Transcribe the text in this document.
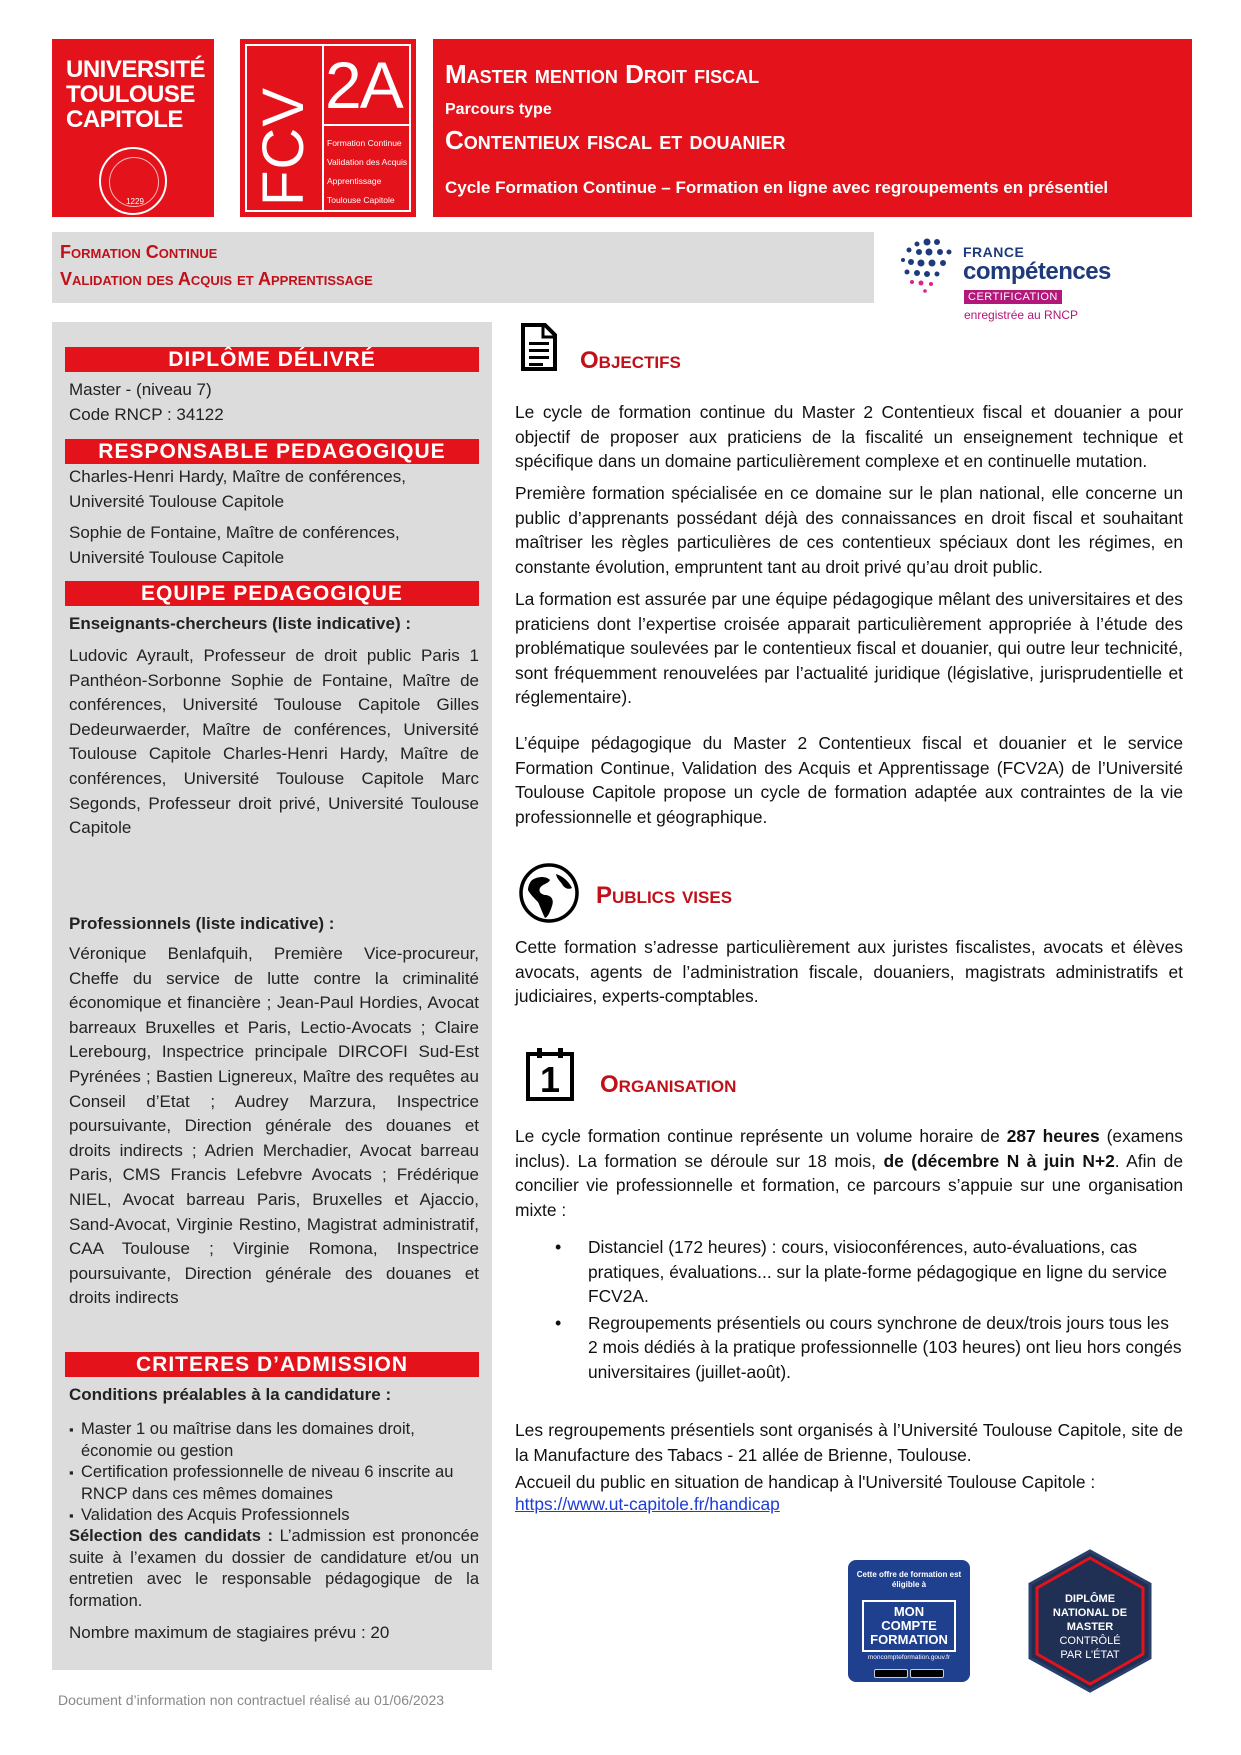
UNIVERSITÉ
TOULOUSE
CAPITOLE
1229 FCV
2A
Formation Continue
Validation des Acquis
Apprentissage
Toulouse Capitole
Master mention Droit fiscal
Parcours type
Contentieux fiscal et douanier
Cycle Formation Continue – Formation en ligne avec regroupements en présentiel
Formation Continue
Validation des Acquis et Apprentissage
FRANCE
compétences
CERTIFICATION
enregistrée au RNCP
DIPLÔME DÉLIVRÉ
Master - (niveau 7)
Code RNCP : 34122
RESPONSABLE PEDAGOGIQUE
Charles-Henri Hardy, Maître de conférences, Université Toulouse Capitole
Sophie de Fontaine, Maître de conférences, Université Toulouse Capitole
EQUIPE PEDAGOGIQUE
Enseignants-chercheurs (liste indicative) :
Ludovic Ayrault, Professeur de droit public Paris 1 Panthéon-Sorbonne Sophie de Fontaine, Maître de conférences, Université Toulouse Capitole Gilles Dedeurwaerder, Maître de conférences, Université Toulouse Capitole Charles-Henri Hardy, Maître de conférences, Université Toulouse Capitole Marc Segonds, Professeur droit privé, Université Toulouse Capitole
Professionnels (liste indicative) :
Véronique Benlafquih, Première Vice-procureur, Cheffe du service de lutte contre la criminalité économique et financière ; Jean-Paul Hordies, Avocat barreaux Bruxelles et Paris, Lectio-Avocats ; Claire Lerebourg, Inspectrice principale DIRCOFI Sud-Est Pyrénées ; Bastien Lignereux, Maître des requêtes au Conseil d’Etat ; Audrey Marzura, Inspectrice poursuivante, Direction générale des douanes et droits indirects ; Adrien Merchadier, Avocat barreau Paris, CMS Francis Lefebvre Avocats ; Frédérique NIEL, Avocat barreau Paris, Bruxelles et Ajaccio, Sand-Avocat, Virginie Restino, Magistrat administratif, CAA Toulouse ; Virginie Romona, Inspectrice poursuivante, Direction générale des douanes et droits indirects
CRITERES D’ADMISSION
Conditions préalables à la candidature :
▪ Master 1 ou maîtrise dans les domaines droit, économie ou gestion
▪ Certification professionnelle de niveau 6 inscrite au RNCP dans ces mêmes domaines
▪ Validation des Acquis Professionnels
Sélection des candidats : L’admission est prononcée suite à l’examen du dossier de candidature et/ou un entretien avec le responsable pédagogique de la formation.
Nombre maximum de stagiaires prévu : 20
Objectifs
Le cycle de formation continue du Master 2 Contentieux fiscal et douanier a pour objectif de proposer aux praticiens de la fiscalité un enseignement technique et spécifique dans un domaine particulièrement complexe et en continuelle mutation.
Première formation spécialisée en ce domaine sur le plan national, elle concerne un public d’apprenants possédant déjà des connaissances en droit fiscal et souhaitant maîtriser les règles particulières de ces contentieux spéciaux dont les régimes, en constante évolution, empruntent tant au droit privé qu’au droit public.
La formation est assurée par une équipe pédagogique mêlant des universitaires et des praticiens dont l’expertise croisée apparait particulièrement appropriée à l’étude des problématique soulevées par le contentieux fiscal et douanier, qui outre leur technicité, sont fréquemment renouvelées par l’actualité juridique (législative, jurisprudentielle et réglementaire).
L’équipe pédagogique du Master 2 Contentieux fiscal et douanier et le service Formation Continue, Validation des Acquis et Apprentissage (FCV2A) de l’Université Toulouse Capitole propose un cycle de formation adaptée aux contraintes de la vie professionnelle et géographique.
Publics vises
Cette formation s’adresse particulièrement aux juristes fiscalistes, avocats et élèves avocats, agents de l’administration fiscale, douaniers, magistrats administratifs et judiciaires, experts-comptables.
1 Organisation
Le cycle formation continue représente un volume horaire de 287 heures (examens inclus). La formation se déroule sur 18 mois, de (décembre N à juin N+2. Afin de concilier vie professionnelle et formation, ce parcours s’appuie sur une organisation mixte :
• Distanciel (172 heures) : cours, visioconférences, auto-évaluations, cas pratiques, évaluations... sur la plate-forme pédagogique en ligne du service FCV2A.
• Regroupements présentiels ou cours synchrone de deux/trois jours tous les 2 mois dédiés à la pratique professionnelle (103 heures) ont lieu hors congés universitaires (juillet-août).
Les regroupements présentiels sont organisés à l’Université Toulouse Capitole, site de la Manufacture des Tabacs - 21 allée de Brienne, Toulouse.
Accueil du public en situation de handicap à l'Université Toulouse Capitole :
https://www.ut-capitole.fr/handicap
Cette offre de formation est éligible à
MON
COMPTE
FORMATION
moncompteformation.gouv.fr
DIPLÔME
NATIONAL DE
MASTER
CONTRÔLÉ
PAR L’ÉTAT
Document d’information non contractuel réalisé au 01/06/2023
